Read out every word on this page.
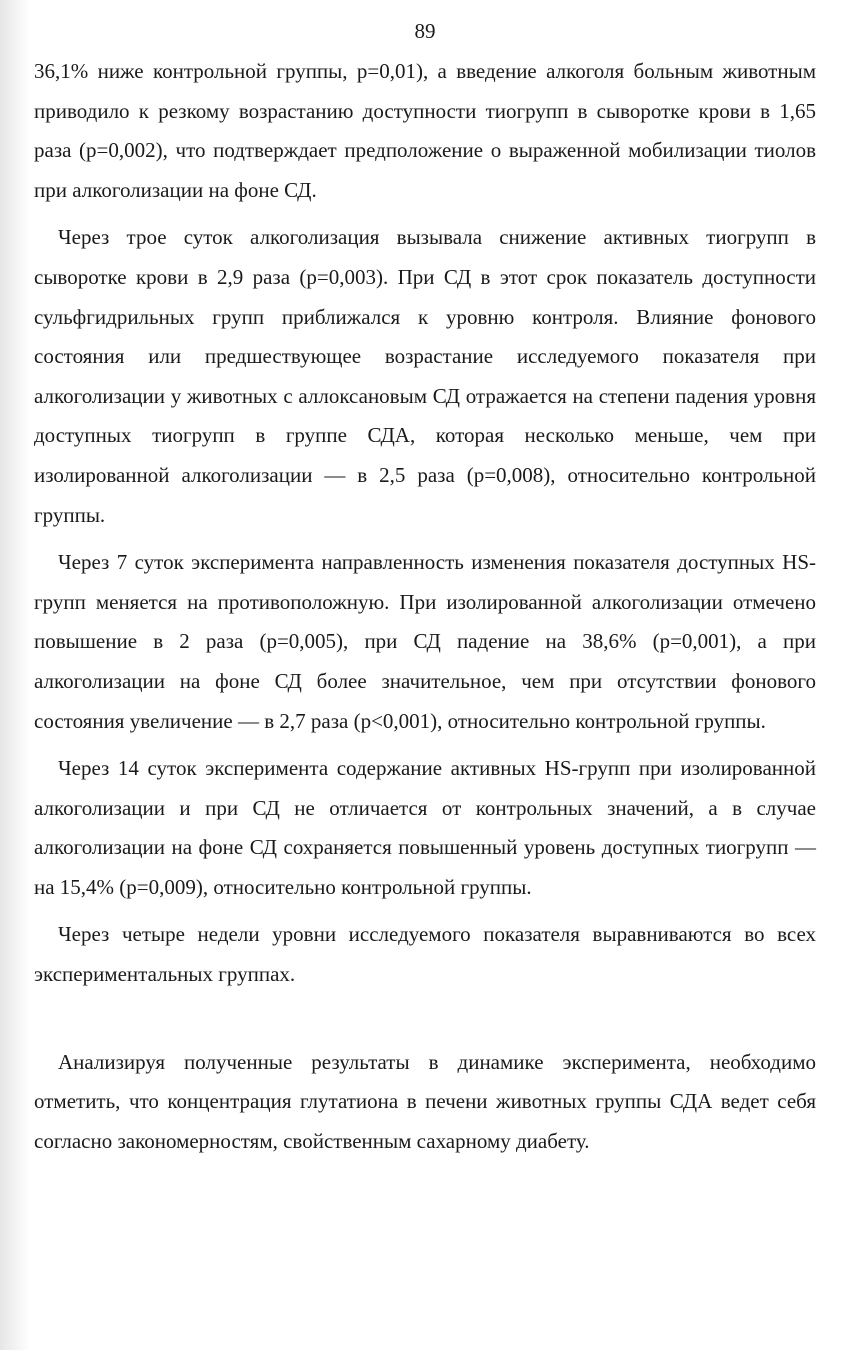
89

36,1% ниже контрольной группы, р=0,01), а введение алкоголя больным животным приводило к резкому возрастанию доступности тиогрупп в сыворотке крови в 1,65 раза (р=0,002), что подтверждает предположение о выраженной мобилизации тиолов при алкоголизации на фоне СД.

Через трое суток алкоголизация вызывала снижение активных тиогрупп в сыворотке крови в 2,9 раза (р=0,003). При СД в этот срок показатель доступности сульфгидрильных групп приближался к уровню контроля. Влияние фонового состояния или предшествующее возрастание исследуемого показателя при алкоголизации у животных с аллоксановым СД отражается на степени падения уровня доступных тиогрупп в группе СДА, которая несколько меньше, чем при изолированной алкоголизации — в 2,5 раза (р=0,008), относительно контрольной группы.

Через 7 суток эксперимента направленность изменения показателя доступных HS-групп меняется на противоположную. При изолированной алкоголизации отмечено повышение в 2 раза (р=0,005), при СД падение на 38,6% (р=0,001), а при алкоголизации на фоне СД более значительное, чем при отсутствии фонового состояния увеличение — в 2,7 раза (р<0,001), относительно контрольной группы.

Через 14 суток эксперимента содержание активных HS-групп при изолированной алкоголизации и при СД не отличается от контрольных значений, а в случае алкоголизации на фоне СД сохраняется повышенный уровень доступных тиогрупп — на 15,4% (р=0,009), относительно контрольной группы.

Через четыре недели уровни исследуемого показателя выравниваются во всех экспериментальных группах.

Анализируя полученные результаты в динамике эксперимента, необходимо отметить, что концентрация глутатиона в печени животных группы СДА ведет себя согласно закономерностям, свойственным сахарному диабету.
